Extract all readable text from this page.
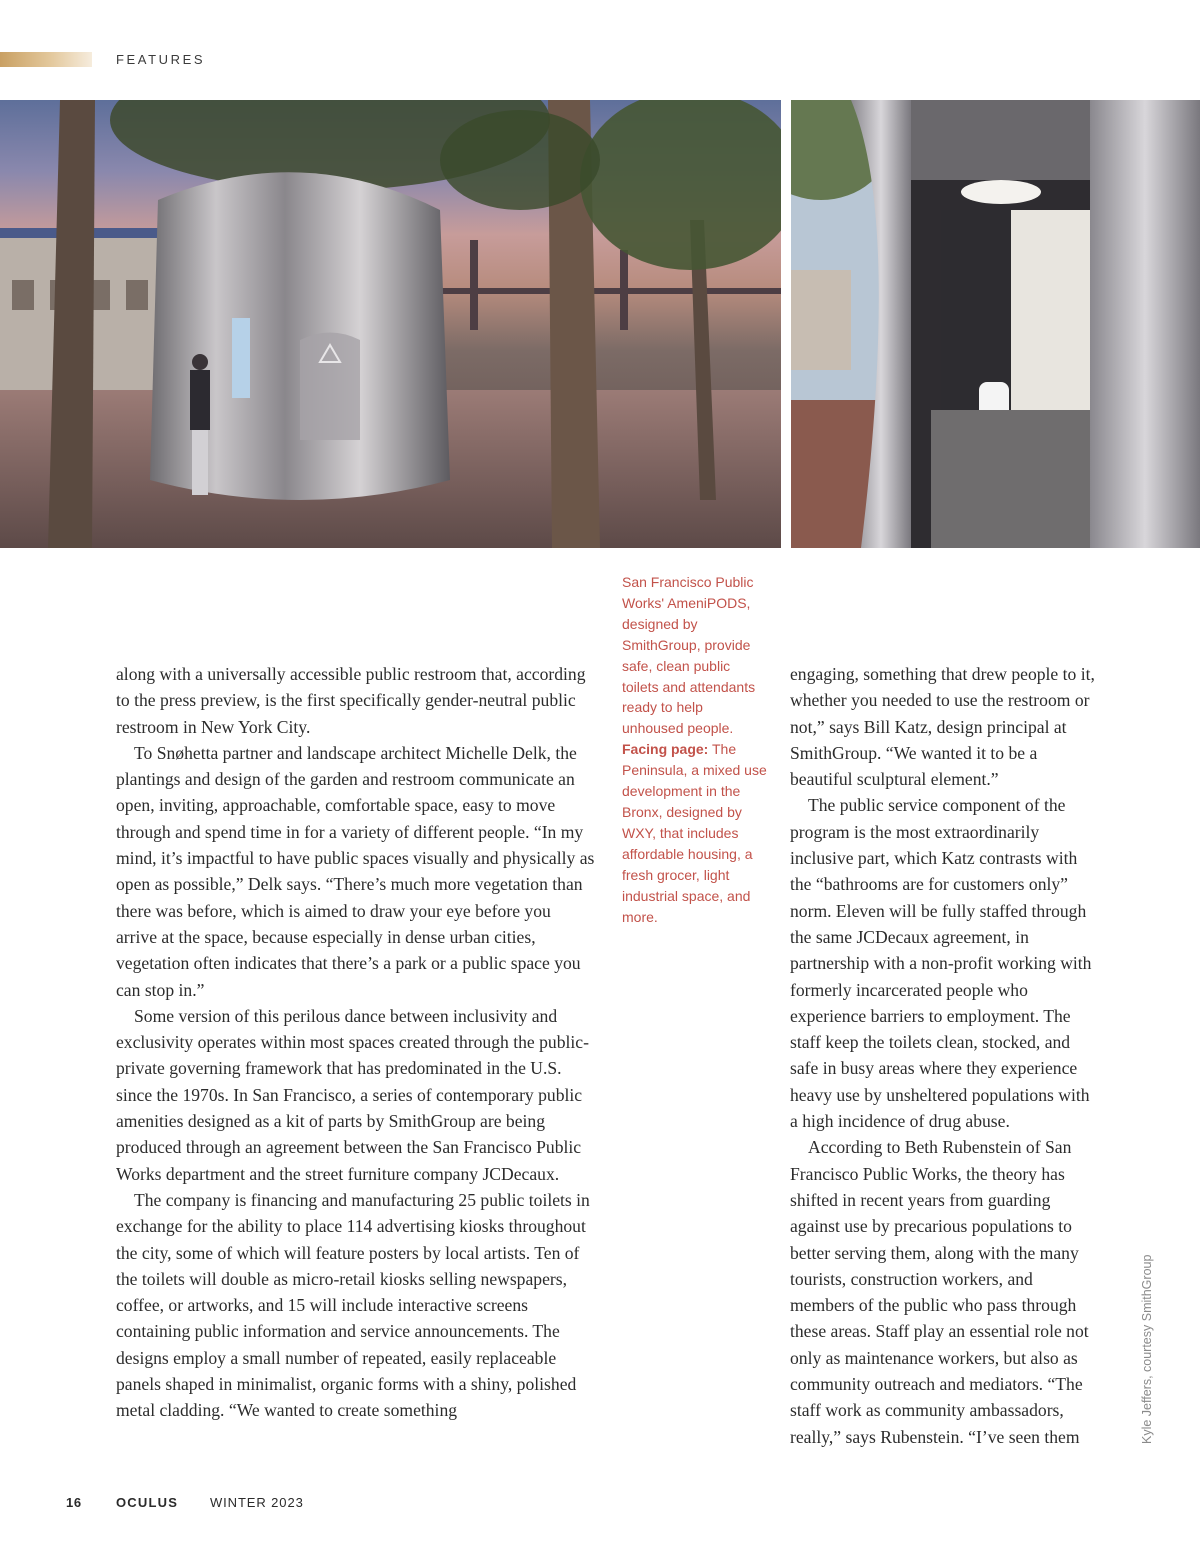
FEATURES
San Francisco Public Works' AmeniPODS, designed by SmithGroup, provide safe, clean public toilets and attendants ready to help unhoused people. Facing page: The Peninsula, a mixed use development in the Bronx, designed by WXY, that includes affordable housing, a fresh grocer, light industrial space, and more.

along with a universally accessible public restroom that, according to the press preview, is the first specifically gender-neutral public restroom in New York City.

To Snøhetta partner and landscape architect Michelle Delk, the plantings and design of the garden and restroom communicate an open, inviting, approachable, comfortable space, easy to move through and spend time in for a variety of different people. “In my mind, it’s impactful to have public spaces visually and physically as open as possible,” Delk says. “There’s much more vegetation than there was before, which is aimed to draw your eye before you arrive at the space, because especially in dense urban cities, vegetation often indicates that there’s a park or a public space you can stop in.”

Some version of this perilous dance between inclusivity and exclusivity operates within most spaces created through the public-private governing framework that has predominated in the U.S. since the 1970s. In San Francisco, a series of contemporary public amenities designed as a kit of parts by SmithGroup are being produced through an agreement between the San Francisco Public Works department and the street furniture company JCDecaux.

The company is financing and manufacturing 25 public toilets in exchange for the ability to place 114 advertising kiosks throughout the city, some of which will feature posters by local artists. Ten of the toilets will double as micro-retail kiosks selling newspapers, coffee, or artworks, and 15 will include interactive screens containing public information and service announcements. The designs employ a small number of repeated, easily replaceable panels shaped in minimalist, organic forms with a shiny, polished metal cladding. “We wanted to create something

engaging, something that drew people to it, whether you needed to use the restroom or not,” says Bill Katz, design principal at SmithGroup. “We wanted it to be a beautiful sculptural element.”

The public service component of the program is the most extraordinarily inclusive part, which Katz contrasts with the “bathrooms are for customers only” norm. Eleven will be fully staffed through the same JCDecaux agreement, in partnership with a non-profit working with formerly incarcerated people who experience barriers to employment. The staff keep the toilets clean, stocked, and safe in busy areas where they experience heavy use by unsheltered populations with a high incidence of drug abuse.

According to Beth Rubenstein of San Francisco Public Works, the theory has shifted in recent years from guarding against use by precarious populations to better serving them, along with the many tourists, construction workers, and members of the public who pass through these areas. Staff play an essential role not only as maintenance workers, but also as community outreach and mediators. “The staff work as community ambassadors, really,” says Rubenstein. “I’ve seen them	Kyle Jeffers, courtesy SmithGroup
16	OCULUS WINTER 2023
